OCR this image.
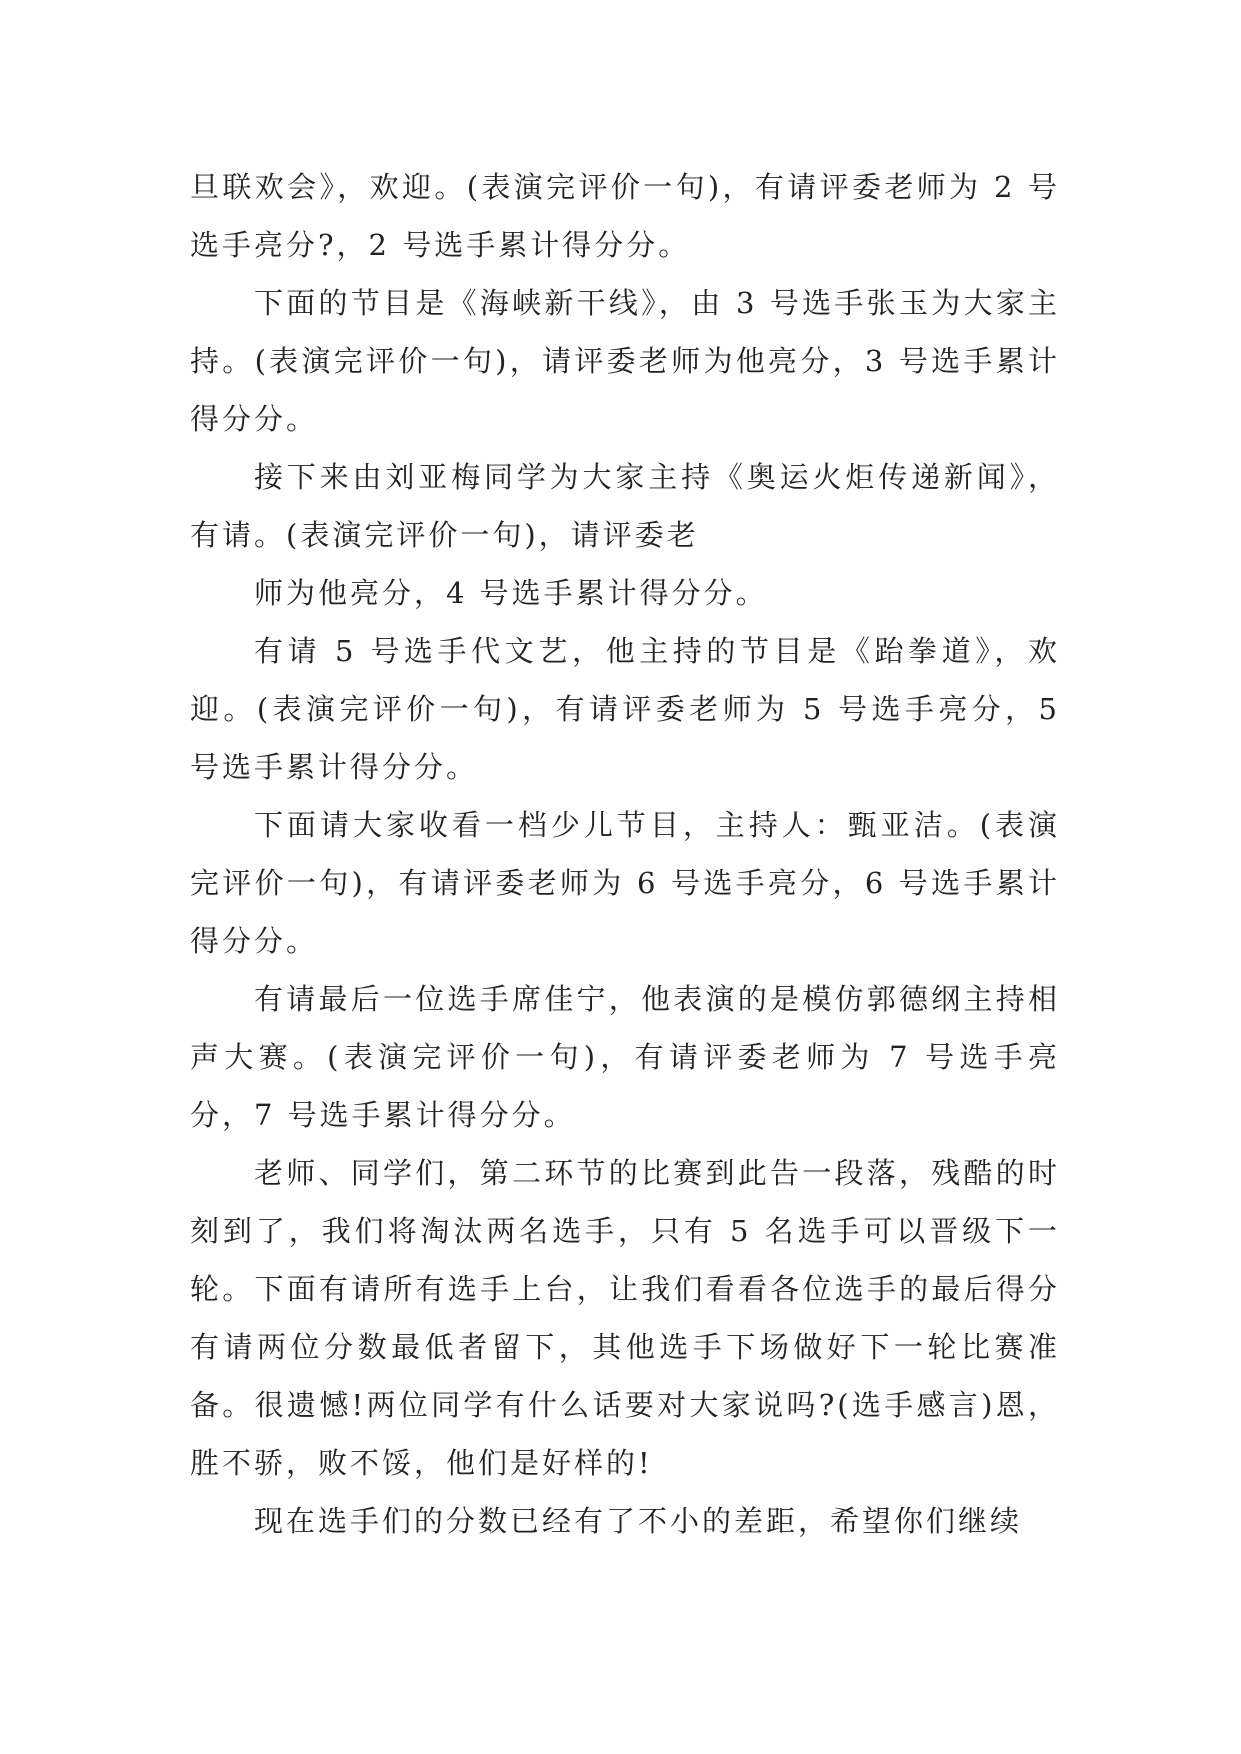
旦联欢会》，欢迎。(表演完评价一句)，有请评委老师为 2 号选手亮分?，2 号选手累计得分分。

下面的节目是《海峡新干线》，由 3 号选手张玉为大家主持。(表演完评价一句)，请评委老师为他亮分，3 号选手累计得分分。

接下来由刘亚梅同学为大家主持《奥运火炬传递新闻》，有请。(表演完评价一句)，请评委老

师为他亮分，4 号选手累计得分分。

有请 5 号选手代文艺，他主持的节目是《跆拳道》，欢迎。(表演完评价一句)，有请评委老师为 5 号选手亮分，5 号选手累计得分分。

下面请大家收看一档少儿节目，主持人：甄亚洁。(表演完评价一句)，有请评委老师为 6 号选手亮分，6 号选手累计得分分。

有请最后一位选手席佳宁，他表演的是模仿郭德纲主持相声大赛。(表演完评价一句)，有请评委老师为 7 号选手亮分，7 号选手累计得分分。

老师、同学们，第二环节的比赛到此告一段落，残酷的时刻到了，我们将淘汰两名选手，只有 5 名选手可以晋级下一轮。下面有请所有选手上台，让我们看看各位选手的最后得分 有请两位分数最低者留下，其他选手下场做好下一轮比赛准备。很遗憾!两位同学有什么话要对大家说吗?(选手感言)恩，胜不骄，败不馁，他们是好样的!

现在选手们的分数已经有了不小的差距，希望你们继续
